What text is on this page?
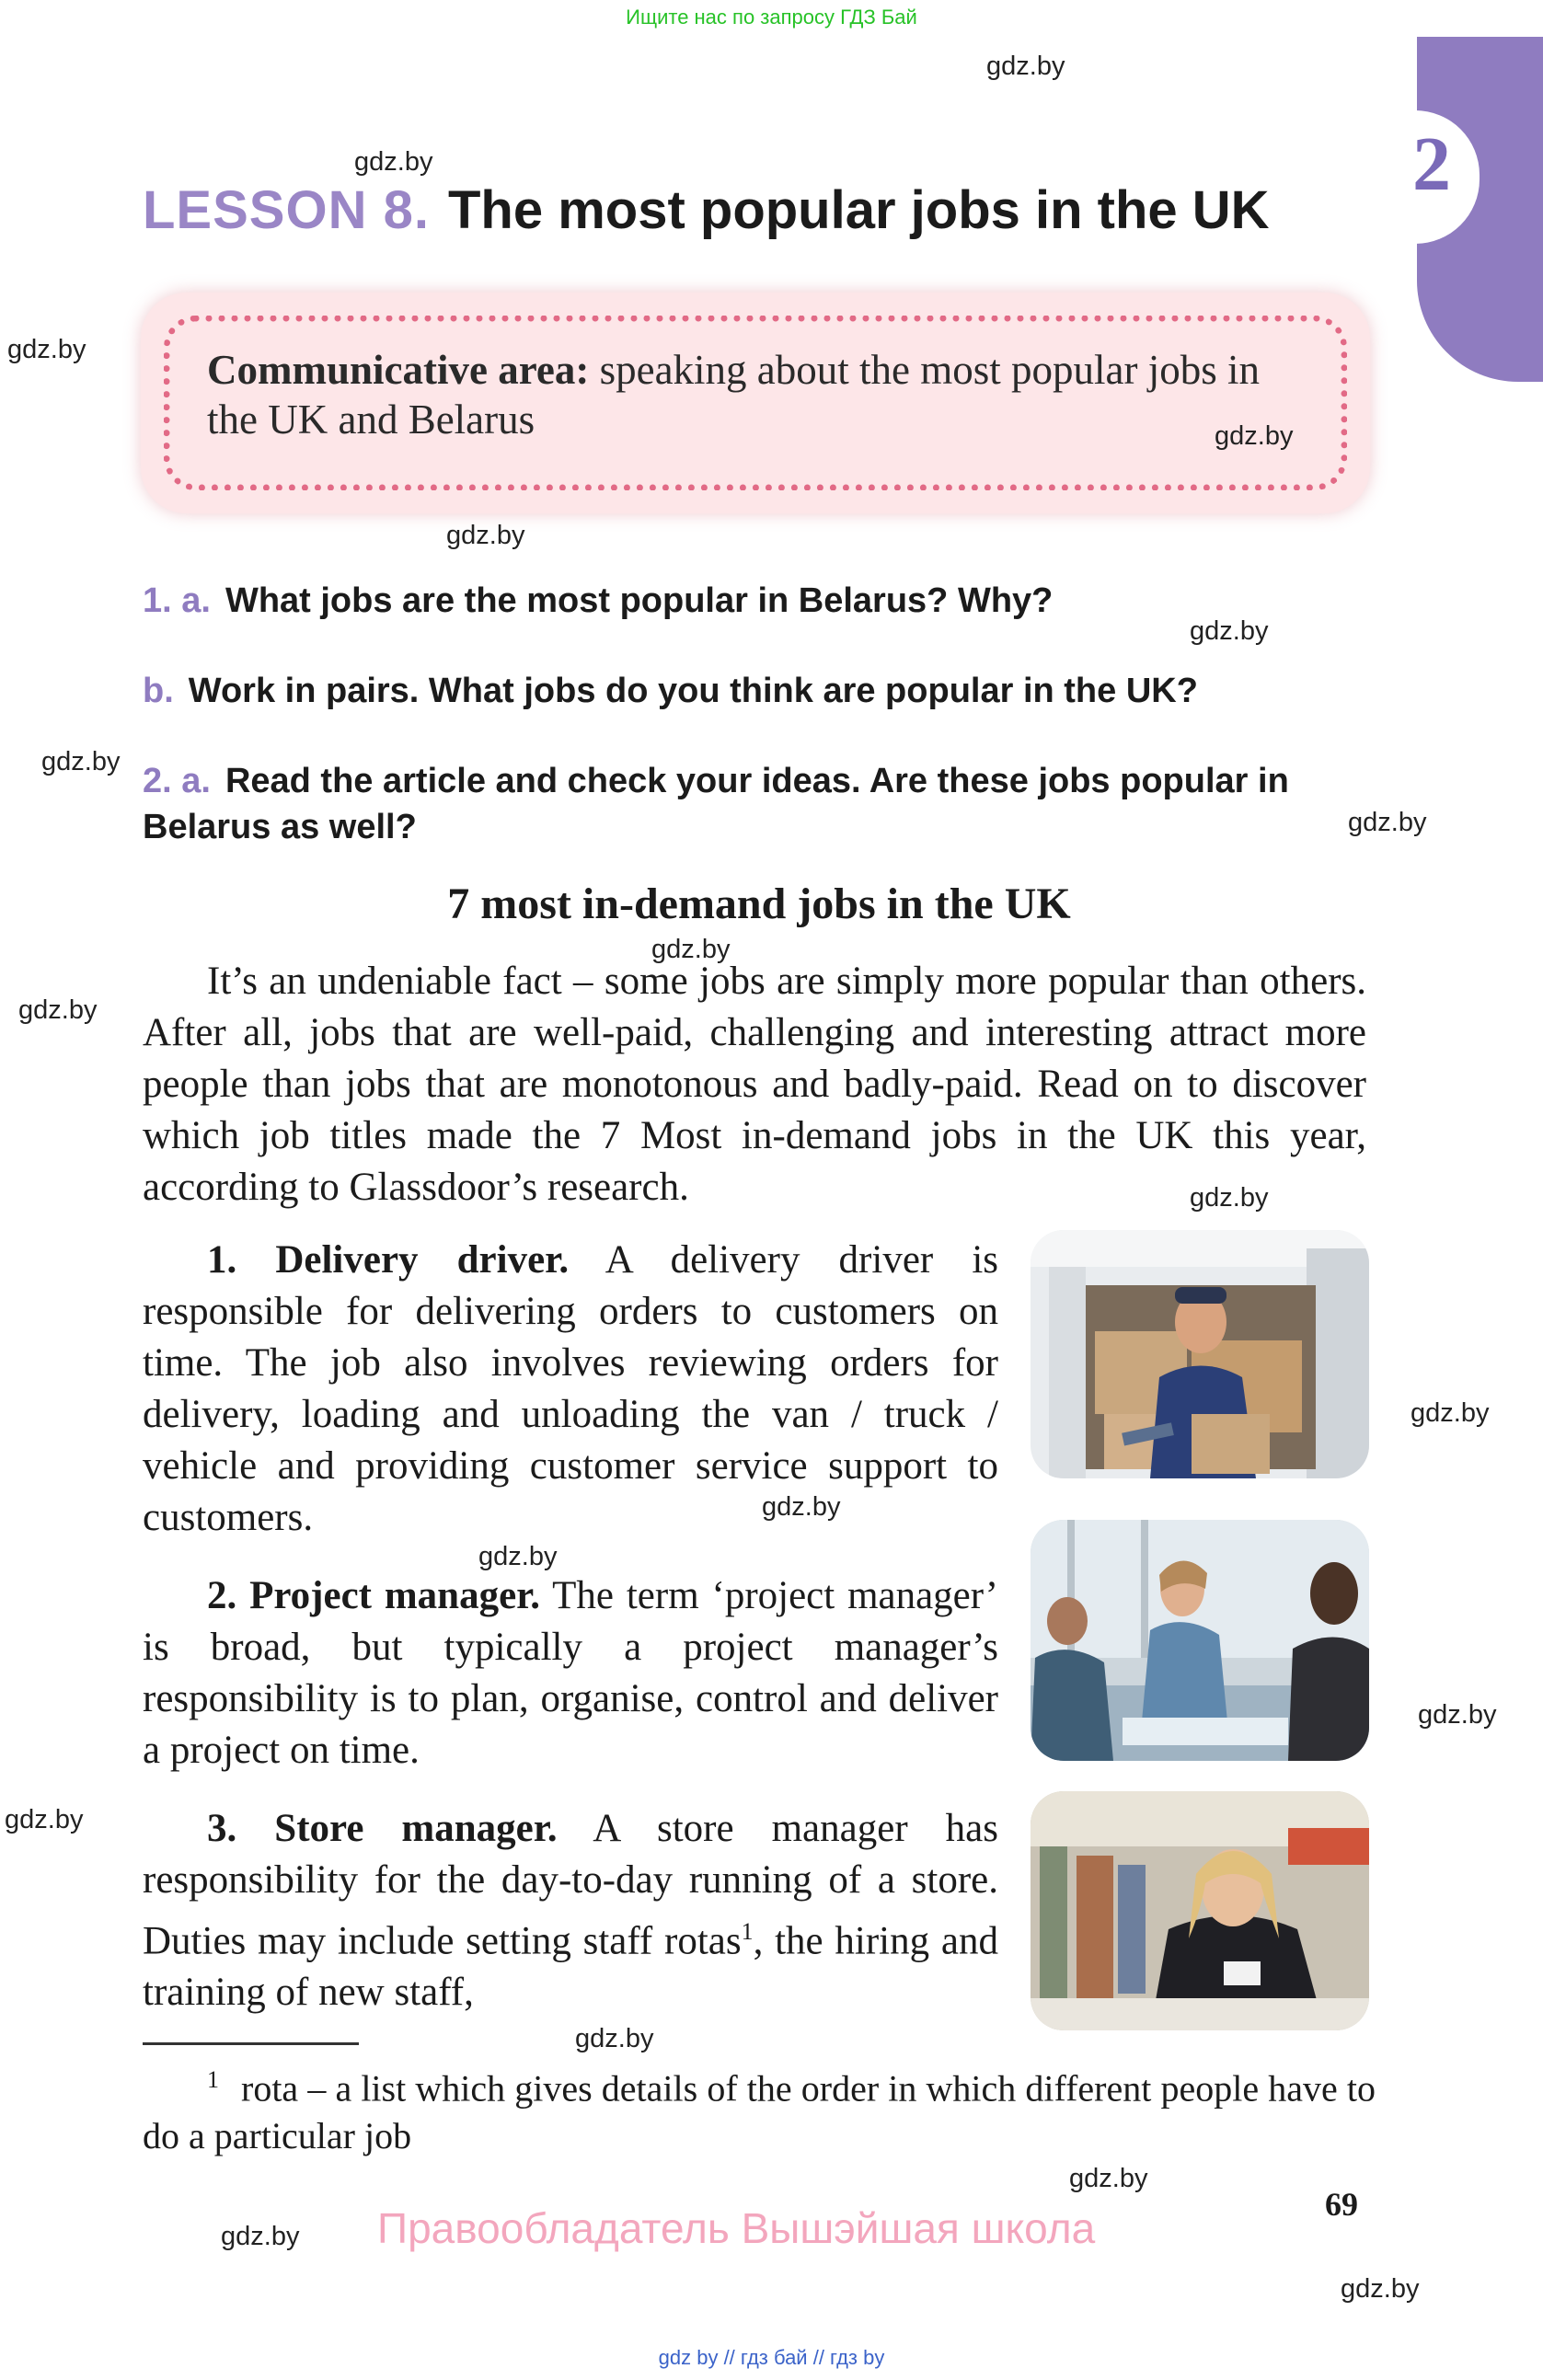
Ищите нас по запросу ГДЗ Бай
2
LESSON 8. The most popular jobs in the UK
Communicative area: speaking about the most popular jobs in the UK and Belarus
1. a. What jobs are the most popular in Belarus? Why?
b. Work in pairs. What jobs do you think are popular in the UK?
2. a. Read the article and check your ideas. Are these jobs popular in Belarus as well?
7 most in-demand jobs in the UK
It’s an undeniable fact – some jobs are simply more popular than others. After all, jobs that are well-paid, challenging and interesting attract more people than jobs that are monotonous and badly-paid. Read on to discover which job titles made the 7 Most in-demand jobs in the UK this year, according to Glassdoor’s research.
1. Delivery driver. A delivery driver is responsible for delivering orders to customers on time. The job also involves reviewing orders for delivery, loading and unloading the van / truck / vehicle and providing customer service support to customers.
2. Project manager. The term ‘project manager’ is broad, but typically a project manager’s responsibility is to plan, organise, control and deliver a project on time.
3. Store manager. A store manager has responsibility for the day-to-day running of a store. Duties may include setting staff rotas$^1$, the hiring and training of new staff,
$^1$ rota – a list which gives details of the order in which different people have to do a particular job
69
Правообладатель Вышэйшая школа
gdz.by
gdz.by
gdz.by
gdz.by
gdz.by
gdz.by
gdz.by
gdz.by
gdz.by
gdz.by
gdz.by
gdz.by
gdz.by
gdz.by
gdz.by
gdz.by
gdz.by
gdz.by
gdz.by
gdz.by
gdz by // гдз бай // гдз by
